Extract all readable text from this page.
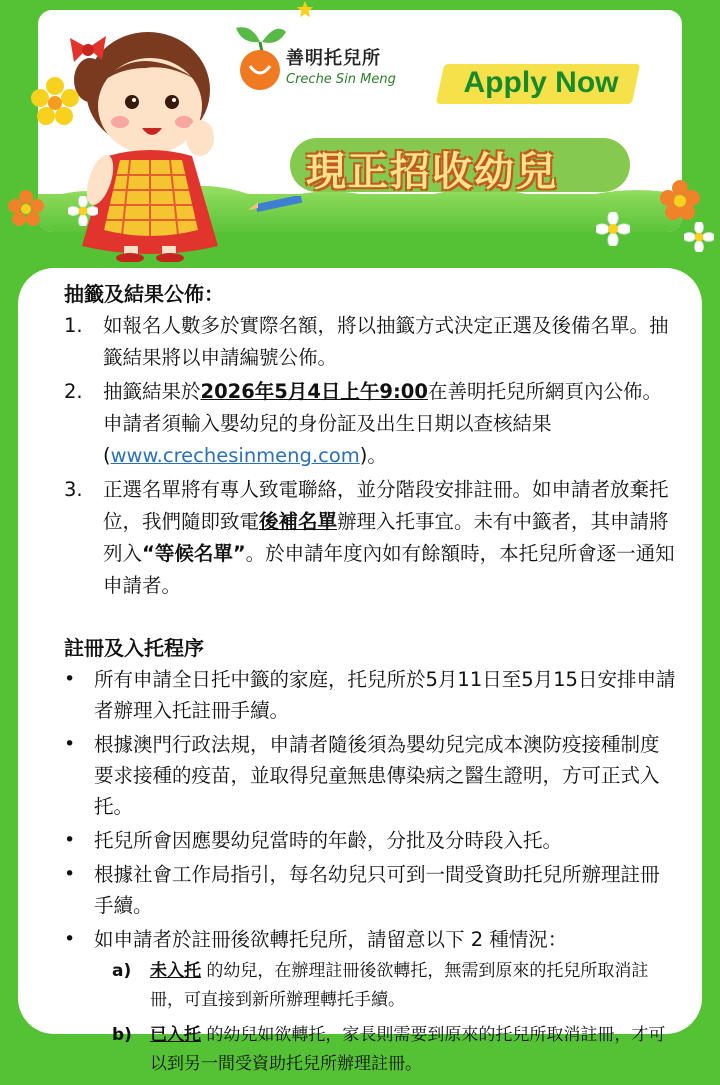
善明托兒所
Creche Sin Meng	Apply Now
現正招收幼兒
抽籤及結果公佈：
1. 如報名人數多於實際名額，將以抽籤方式決定正選及後備名單。抽籤結果將以申請編號公佈。
2. 抽籤結果於2026年5月4日上午9:00在善明托兒所網頁內公佈。申請者須輸入嬰幼兒的身份証及出生日期以查核結果 (www.crechesinmeng.com)。
3. 正選名單將有專人致電聯絡，並分階段安排註冊。如申請者放棄托位，我們隨即致電後補名單辦理入托事宜。未有中籤者，其申請將列入“等候名單”。於申請年度內如有餘額時，本托兒所會逐一通知申請者。
註冊及入托程序
• 所有申請全日托中籤的家庭，托兒所於5月11日至5月15日安排申請者辦理入托註冊手續。
• 根據澳門行政法規，申請者隨後須為嬰幼兒完成本澳防疫接種制度要求接種的疫苗，並取得兒童無患傳染病之醫生證明，方可正式入托。
• 托兒所會因應嬰幼兒當時的年齡，分批及分時段入托。
• 根據社會工作局指引，每名幼兒只可到一間受資助托兒所辦理註冊手續。
• 如申請者於註冊後欲轉托兒所，請留意以下 2 種情況：
a) 未入托 的幼兒，在辦理註冊後欲轉托，無需到原來的托兒所取消註冊，可直接到新所辦理轉托手續。
b) 已入托 的幼兒如欲轉托，家長則需要到原來的托兒所取消註冊，才可以到另一間受資助托兒所辦理註冊。
